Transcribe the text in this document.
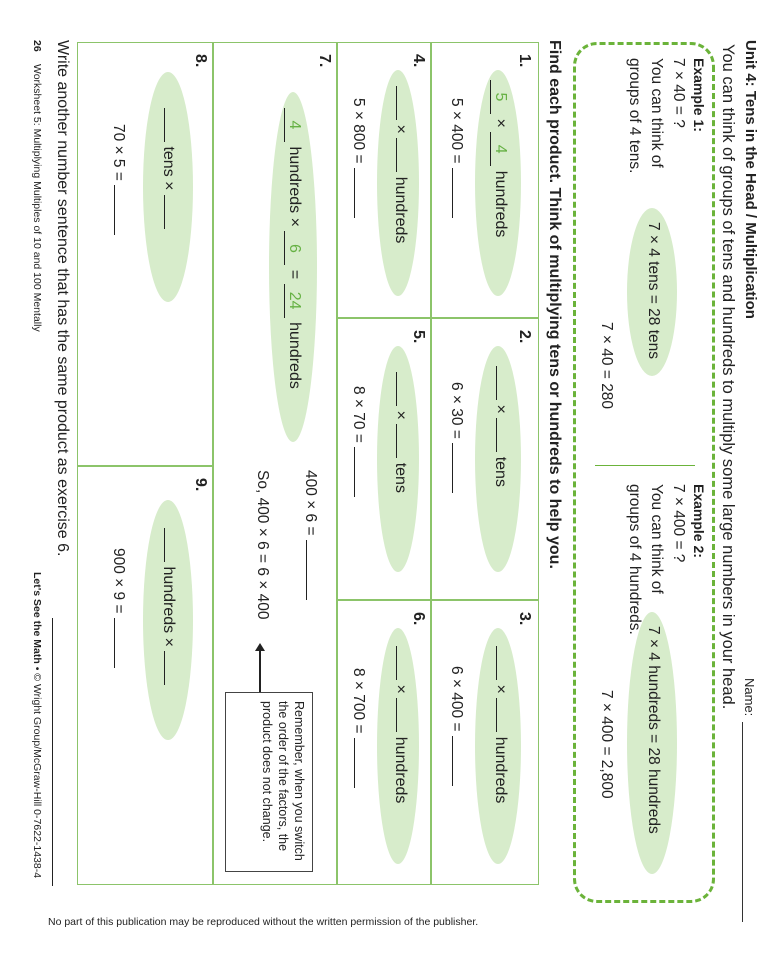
Unit 4: Tens in the Head / Multiplication
Name:
You can think of groups of tens and hundreds to multiply some large numbers in your head.
Example 1:
7 × 40 = ?
You can think of
groups of 4 tens.
7 × 4 tens = 28 tens
7 × 40 = 280
Example 2:
7 × 400 = ?
You can think of
groups of 4 hundreds.
7 × 4 hundreds = 28 hundreds
7 × 400 = 2,800
Find each product. Think of multiplying tens or hundreds to help you.
1.
5 × 4 hundreds
5 × 400 =
2.
×  tens
6 × 30 =
3.
×  hundreds
6 × 400 =
4.
×  hundreds
5 × 800 =
5.
×  tens
8 × 70 =
6.
×  hundreds
8 × 700 =
7.
4 hundreds × 6 = 24 hundreds
400 × 6 =
So, 400 × 6 = 6 × 400
Remember, when you switch the order of the factors, the product does not change.
8.
tens ×
70 × 5 =
9.
hundreds ×
900 × 9 =
Write another number sentence that has the same product as exercise 6.
26
Worksheet 5: Multiplying Multiples of 10 and 100 Mentally
Let's See the Math • © Wright Group/McGraw-Hill 0-7622-1438-4
No part of this publication may be reproduced without the written permission of the publisher.
